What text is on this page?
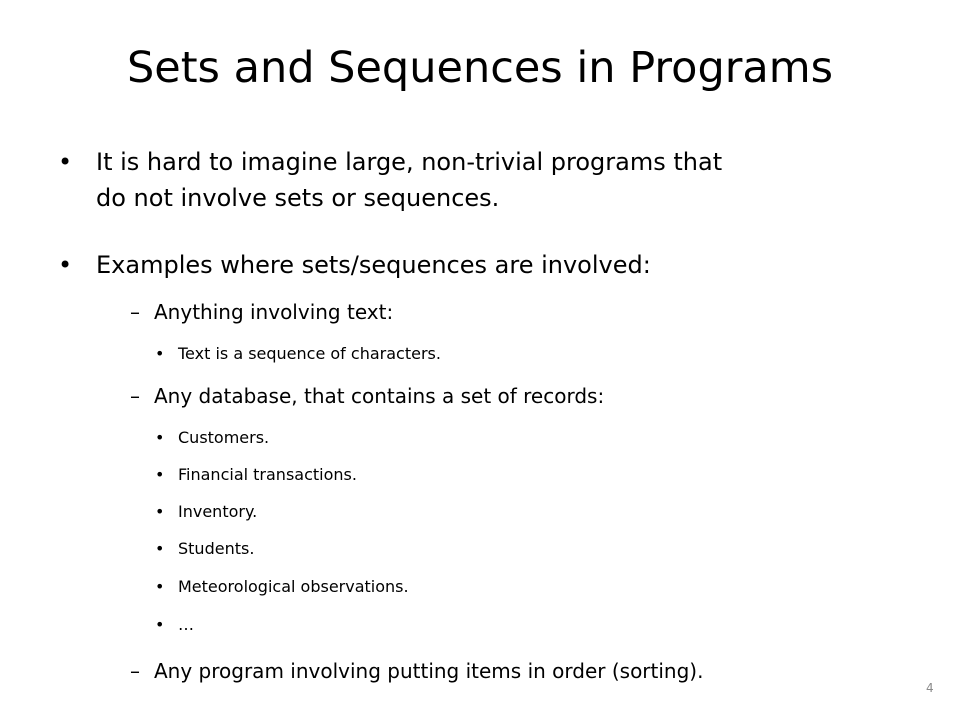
Sets and Sequences in Programs
• It is hard to imagine large, non-trivial programs that
do not involve sets or sequences.
• Examples where sets/sequences are involved:
– Anything involving text:
• Text is a sequence of characters.
– Any database, that contains a set of records:
• Customers.
• Financial transactions.
• Inventory.
• Students.
• Meteorological observations.
• …
– Any program involving putting items in order (sorting).
4
